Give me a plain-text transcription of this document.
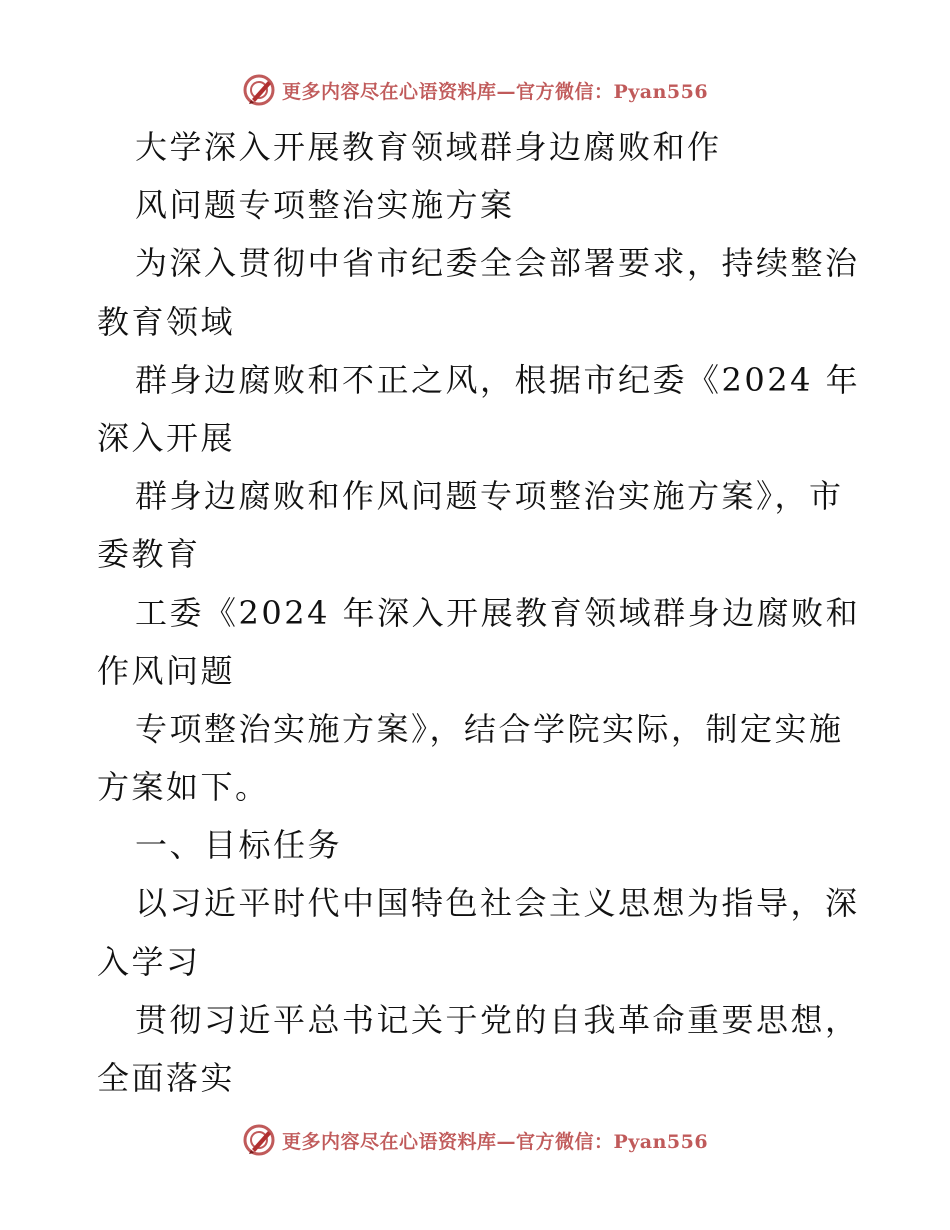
更多内容尽在心语资料库—官方微信：Pyan556
大学深入开展教育领域群身边腐败和作
风问题专项整治实施方案
为深入贯彻中省市纪委全会部署要求，持续整治
教育领域
群身边腐败和不正之风，根据市纪委《2024 年
深入开展
群身边腐败和作风问题专项整治实施方案》，市
委教育
工委《2024 年深入开展教育领域群身边腐败和
作风问题
专项整治实施方案》，结合学院实际，制定实施
方案如下。
一、目标任务
以习近平时代中国特色社会主义思想为指导，深
入学习
贯彻习近平总书记关于党的自我革命重要思想，
全面落实
更多内容尽在心语资料库—官方微信：Pyan556
